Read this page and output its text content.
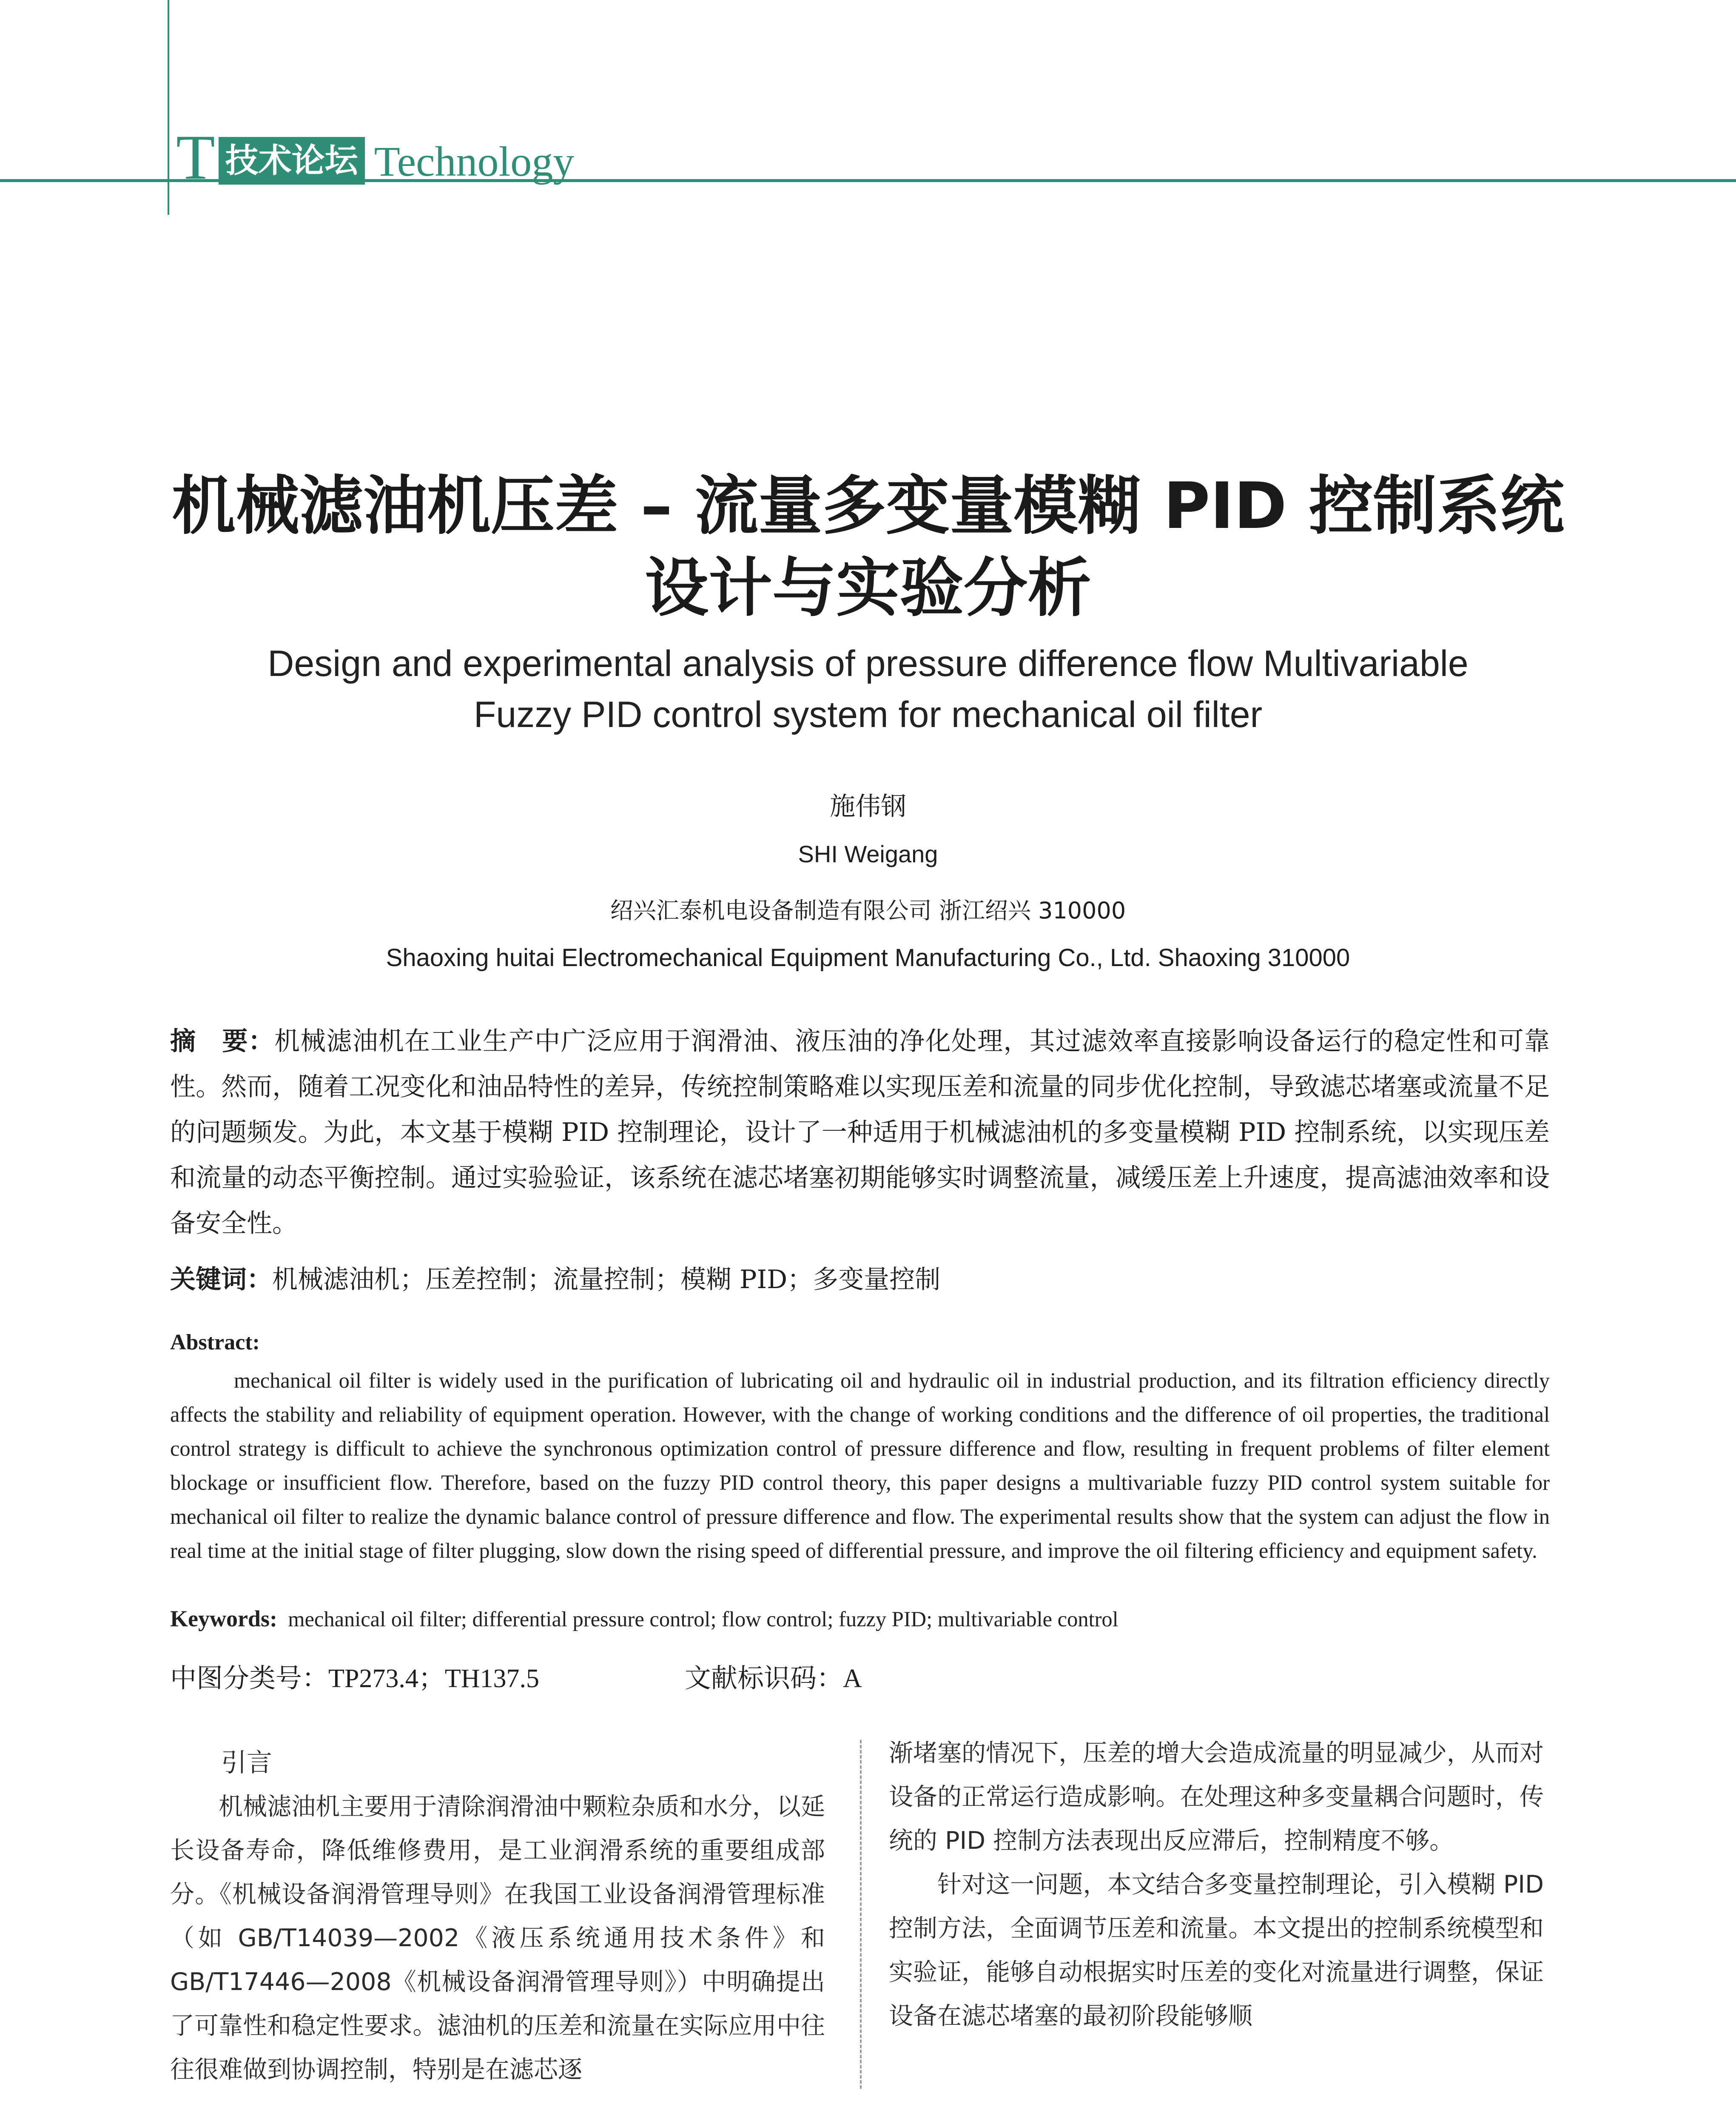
T 技术论坛 Technology
机械滤油机压差 – 流量多变量模糊 PID 控制系统
设计与实验分析
Design and experimental analysis of pressure difference flow Multivariable
Fuzzy PID control system for mechanical oil filter
施伟钢
SHI Weigang
绍兴汇泰机电设备制造有限公司 浙江绍兴 310000
Shaoxing huitai Electromechanical Equipment Manufacturing Co., Ltd. Shaoxing 310000
摘　要：机械滤油机在工业生产中广泛应用于润滑油、液压油的净化处理，其过滤效率直接影响设备运行的稳定性和可靠性。然而，随着工况变化和油品特性的差异，传统控制策略难以实现压差和流量的同步优化控制，导致滤芯堵塞或流量不足的问题频发。为此，本文基于模糊 PID 控制理论，设计了一种适用于机械滤油机的多变量模糊 PID 控制系统，以实现压差和流量的动态平衡控制。通过实验验证，该系统在滤芯堵塞初期能够实时调整流量，减缓压差上升速度，提高滤油效率和设备安全性。
关键词：机械滤油机；压差控制；流量控制；模糊 PID；多变量控制
Abstract:
mechanical oil filter is widely used in the purification of lubricating oil and hydraulic oil in industrial production, and its filtration efficiency directly affects the stability and reliability of equipment operation. However, with the change of working conditions and the difference of oil properties, the traditional control strategy is difficult to achieve the synchronous optimization control of pressure difference and flow, resulting in frequent problems of filter element blockage or insufficient flow. Therefore, based on the fuzzy PID control theory, this paper designs a multivariable fuzzy PID control system suitable for mechanical oil filter to realize the dynamic balance control of pressure difference and flow. The experimental results show that the system can adjust the flow in real time at the initial stage of filter plugging, slow down the rising speed of differential pressure, and improve the oil filtering efficiency and equipment safety.
Keywords: mechanical oil filter; differential pressure control; flow control; fuzzy PID; multivariable control
中图分类号：TP273.4；TH137.5	文献标识码：A
引言

机械滤油机主要用于清除润滑油中颗粒杂质和水分，以延长设备寿命，降低维修费用，是工业润滑系统的重要组成部分。《机械设备润滑管理导则》在我国工业设备润滑管理标准（如 GB/T14039—2002《液压系统通用技术条件》和 GB/T17446—2008《机械设备润滑管理导则》）中明确提出了可靠性和稳定性要求。滤油机的压差和流量在实际应用中往往很难做到协调控制，特别是在滤芯逐

渐堵塞的情况下，压差的增大会造成流量的明显减少，从而对设备的正常运行造成影响。在处理这种多变量耦合问题时，传统的 PID 控制方法表现出反应滞后，控制精度不够。

针对这一问题，本文结合多变量控制理论，引入模糊 PID 控制方法，全面调节压差和流量。本文提出的控制系统模型和实验证，能够自动根据实时压差的变化对流量进行调整，保证设备在滤芯堵塞的最初阶段能够顺
